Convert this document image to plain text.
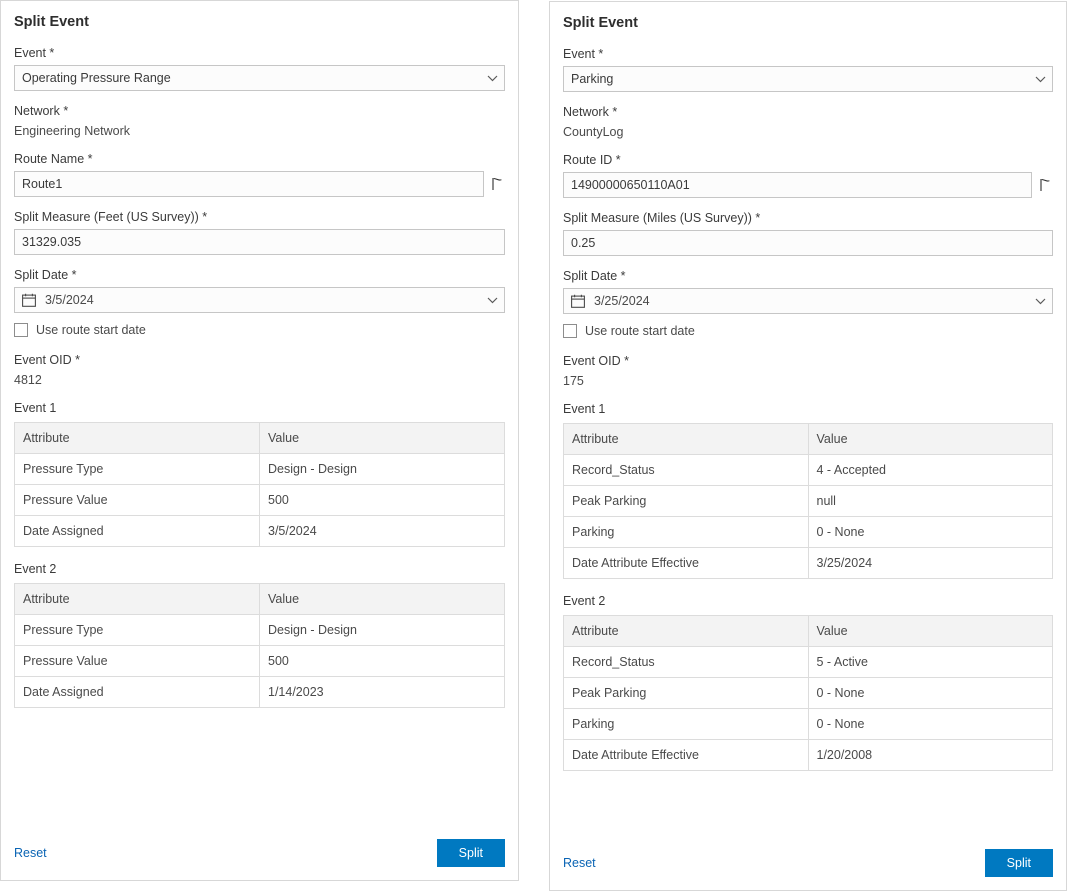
Split Event
Event *
Operating Pressure Range
Network *
Engineering Network
Route Name *
Route1
Split Measure (Feet (US Survey)) *
31329.035
Split Date *
3/5/2024
Use route start date
Event OID *
4812
Event 1
Attribute	Value
Pressure Type	Design - Design
Pressure Value	500
Date Assigned	3/5/2024
Event 2
Attribute	Value
Pressure Type	Design - Design
Pressure Value	500
Date Assigned	1/14/2023
Reset	Split
Split Event
Event *
Parking
Network *
CountyLog
Route ID *
14900000650110A01
Split Measure (Miles (US Survey)) *
0.25
Split Date *
3/25/2024
Use route start date
Event OID *
175
Event 1
Attribute	Value
Record_Status	4 - Accepted
Peak Parking	null
Parking	0 - None
Date Attribute Effective	3/25/2024
Event 2
Attribute	Value
Record_Status	5 - Active
Peak Parking	0 - None
Parking	0 - None
Date Attribute Effective	1/20/2008
Reset	Split
